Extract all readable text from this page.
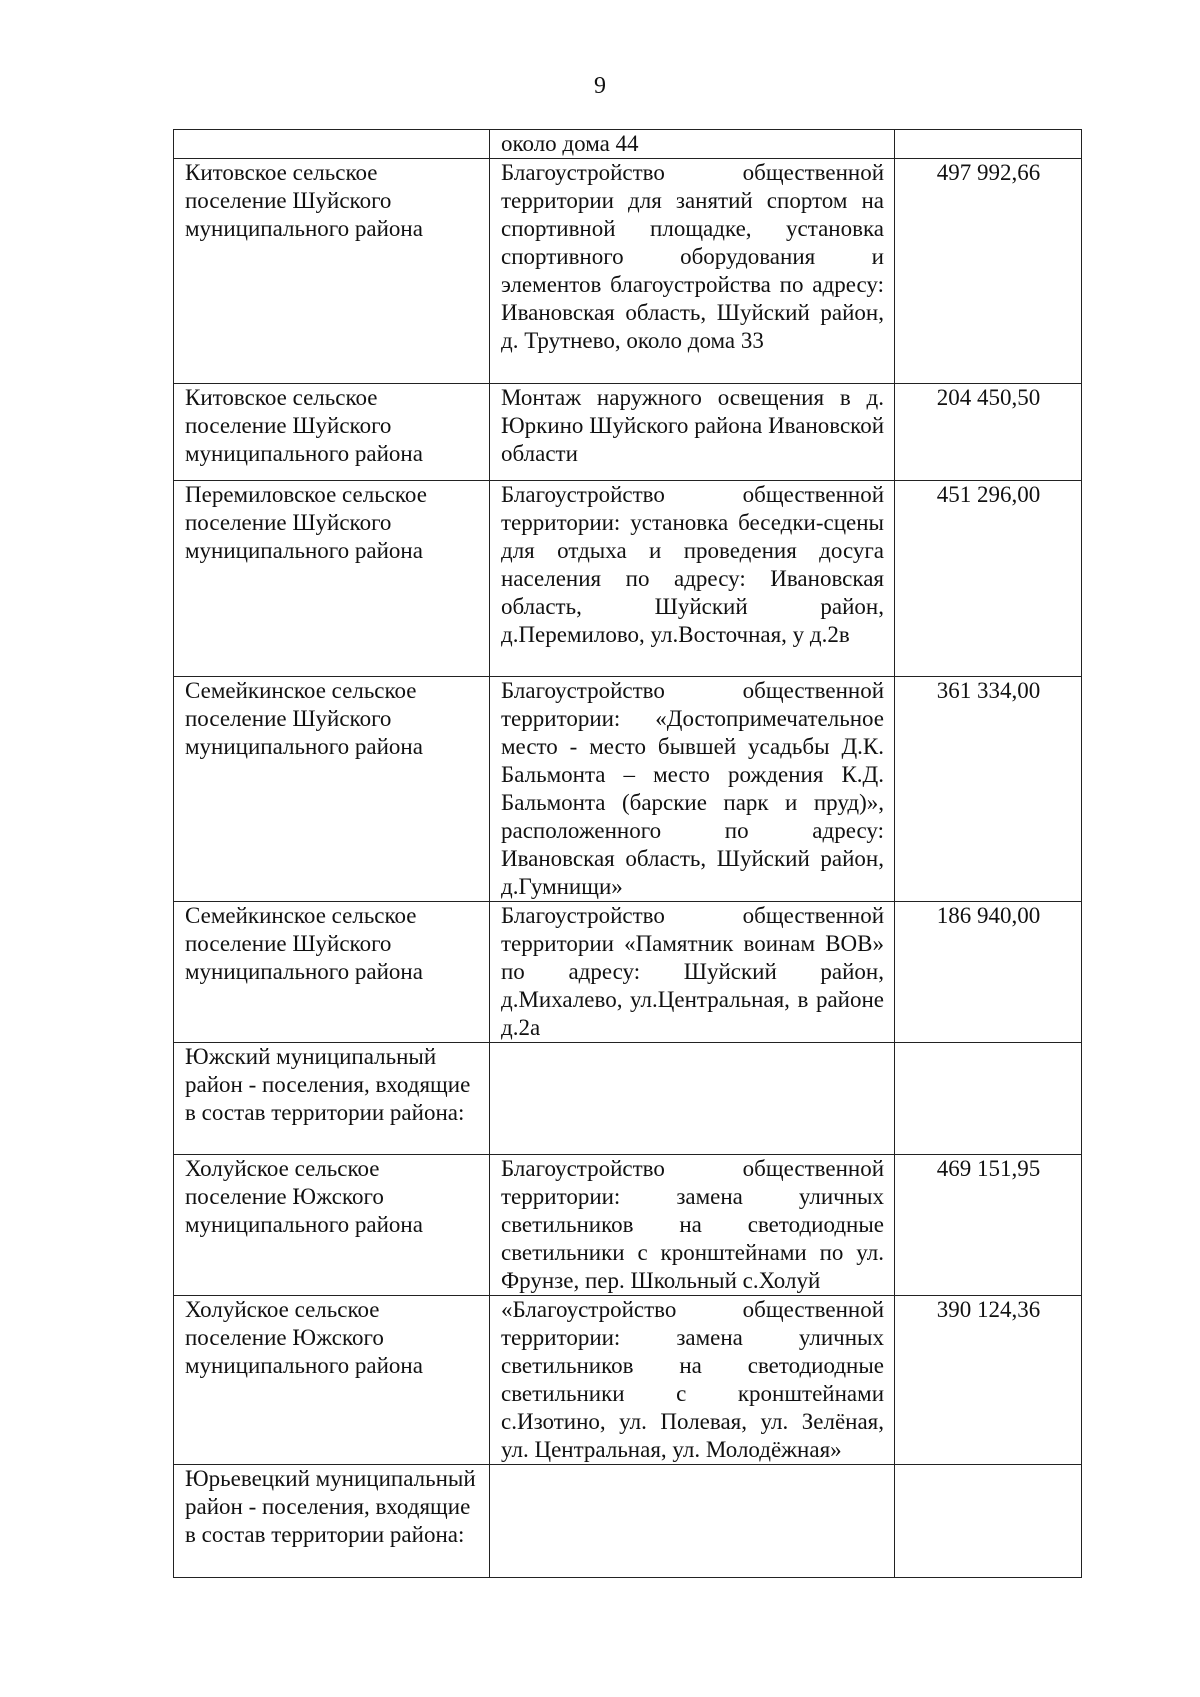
9
	около дома 44	
Китовское сельское поселение Шуйского муниципального района	Благоустройство общественной территории для занятий спортом на спортивной площадке, установка спортивного оборудования и элементов благоустройства по адресу: Ивановская область, Шуйский район, д. Трутнево, около дома 33	497 992,66
Китовское сельское поселение Шуйского муниципального района	Монтаж наружного освещения в д. Юркино Шуйского района Ивановской области	204 450,50
Перемиловское сельское поселение Шуйского муниципального района	Благоустройство общественной территории: установка беседки-сцены для отдыха и проведения досуга населения по адресу: Ивановская область, Шуйский район, д.Перемилово, ул.Восточная, у д.2в	451 296,00
Семейкинское сельское поселение Шуйского муниципального района	Благоустройство общественной территории: «Достопримечательное место - место бывшей усадьбы Д.К. Бальмонта – место рождения К.Д. Бальмонта (барские парк и пруд)», расположенного по адресу: Ивановская область, Шуйский район, д.Гумнищи»	361 334,00
Семейкинское сельское поселение Шуйского муниципального района	Благоустройство общественной территории «Памятник воинам ВОВ» по адресу: Шуйский район, д.Михалево, ул.Центральная, в районе д.2а	186 940,00
Южский муниципальный район - поселения, входящие в состав территории района:		
Холуйское сельское поселение Южского муниципального района	Благоустройство общественной территории: замена уличных светильников на светодиодные светильники с кронштейнами по ул. Фрунзе, пер. Школьный с.Холуй	469 151,95
Холуйское сельское поселение Южского муниципального района	«Благоустройство общественной территории: замена уличных светильников на светодиодные светильники с кронштейнами с.Изотино, ул. Полевая, ул. Зелёная, ул. Центральная, ул. Молодёжная»	390 124,36
Юрьевецкий муниципальный район - поселения, входящие в состав территории района:		
